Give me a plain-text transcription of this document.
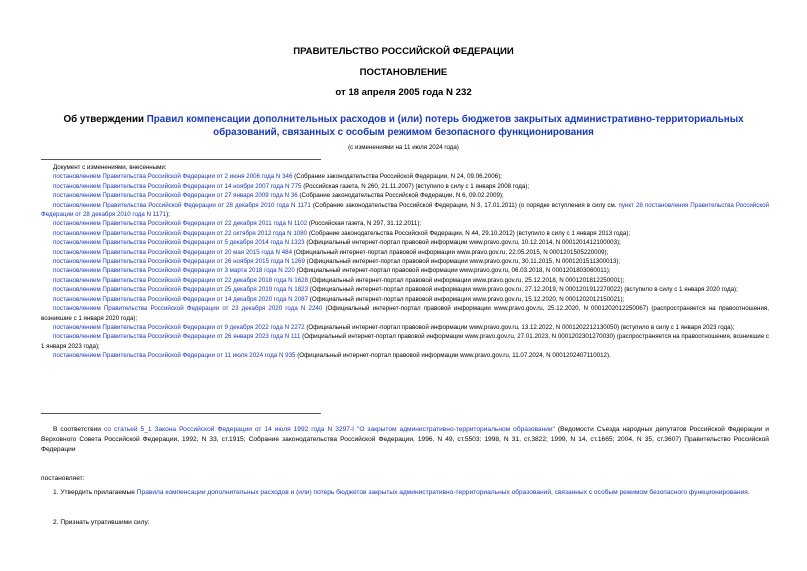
ПРАВИТЕЛЬСТВО РОССИЙСКОЙ ФЕДЕРАЦИИ
ПОСТАНОВЛЕНИЕ
от 18 апреля 2005 года N 232
Об утверждении Правил компенсации дополнительных расходов и (или) потерь бюджетов закрытых административно-территориальных образований, связанных с особым режимом безопасного функционирования
(с изменениями на 11 июля 2024 года)

Документ с изменениями, внесенными:

постановлением Правительства Российской Федерации от 2 июня 2006 года N 346 (Собрание законодательства Российской Федерации, N 24, 09.06.2006);

постановлением Правительства Российской Федерации от 14 ноября 2007 года N 775 (Российская газета, N 260, 21.11.2007) (вступило в силу с 1 января 2008 года);

постановлением Правительства Российской Федерации от 27 января 2009 года N 36 (Собрание законодательства Российской Федерации, N 6, 09.02.2009);

постановлением Правительства Российской Федерации от 28 декабря 2010 года N 1171 (Собрание законодательства Российской Федерации, N 3, 17.01.2011) (о порядке вступления в силу см. пункт 28 постановления Правительства Российской Федерации от 28 декабря 2010 года N 1171);

постановлением Правительства Российской Федерации от 22 декабря 2011 года N 1102 (Российская газета, N 297, 31.12.2011);

постановлением Правительства Российской Федерации от 22 октября 2012 года N 1080 (Собрание законодательства Российской Федерации, N 44, 29.10.2012) (вступило в силу с 1 января 2013 года);

постановлением Правительства Российской Федерации от 5 декабря 2014 года N 1323 (Официальный интернет-портал правовой информации www.pravo.gov.ru, 10.12.2014, N 0001201412100003);

постановлением Правительства Российской Федерации от 20 мая 2015 года N 484 (Официальный интернет-портал правовой информации www.pravo.gov.ru, 22.05.2015, N 0001201505220009);

постановлением Правительства Российской Федерации от 26 ноября 2015 года N 1269 (Официальный интернет-портал правовой информации www.pravo.gov.ru, 30.11.2015, N 0001201511300013);

постановлением Правительства Российской Федерации от 3 марта 2018 года N 220 (Официальный интернет-портал правовой информации www.pravo.gov.ru, 06.03.2018, N 0001201803060011);

постановлением Правительства Российской Федерации от 22 декабря 2018 года N 1628 (Официальный интернет-портал правовой информации www.pravo.gov.ru, 25.12.2018, N 0001201812250001);

постановлением Правительства Российской Федерации от 25 декабря 2019 года N 1823 (Официальный интернет-портал правовой информации www.pravo.gov.ru, 27.12.2019, N 0001201912270022) (вступило в силу с 1 января 2020 года);

постановлением Правительства Российской Федерации от 14 декабря 2020 года N 2087 (Официальный интернет-портал правовой информации www.pravo.gov.ru, 15.12.2020, N 0001202012150021);

постановлением Правительства Российской Федерации от 23 декабря 2020 года N 2240 (Официальный интернет-портал правовой информации www.pravo.gov.ru, 25.12.2020, N 0001202012250067) (распространяется на правоотношения, возникшие с 1 января 2020 года);

постановлением Правительства Российской Федерации от 9 декабря 2022 года N 2272 (Официальный интернет-портал правовой информации www.pravo.gov.ru, 13.12.2022, N 0001202212130050) (вступило в силу с 1 января 2023 года);

постановлением Правительства Российской Федерации от 26 января 2023 года N 111 (Официальный интернет-портал правовой информации www.pravo.gov.ru, 27.01.2023, N 0001202301270030) (распространяется на правоотношения, возникшие с 1 января 2023 года);

постановлением Правительства Российской Федерации от 11 июля 2024 года N 935 (Официальный интернет-портал правовой информации www.pravo.gov.ru, 11.07.2024, N 0001202407110012).

В соответствии со статьей 5_1 Закона Российской Федерации от 14 июля 1992 года N 3297-I "О закрытом административно-территориальном образовании" (Ведомости Съезда народных депутатов Российской Федерации и Верховного Совета Российской Федерации, 1992, N 33, ст.1915; Собрание законодательства Российской Федерации, 1996, N 49, ст.5503; 1998, N 31, ст.3822; 1999, N 14, ст.1665; 2004, N 35, ст.3607) Правительство Российской Федерации
постановляет:
1. Утвердить прилагаемые Правила компенсации дополнительных расходов и (или) потерь бюджетов закрытых административно-территориальных образований, связанных с особым режимом безопасного функционирования.
2. Признать утратившими силу:
